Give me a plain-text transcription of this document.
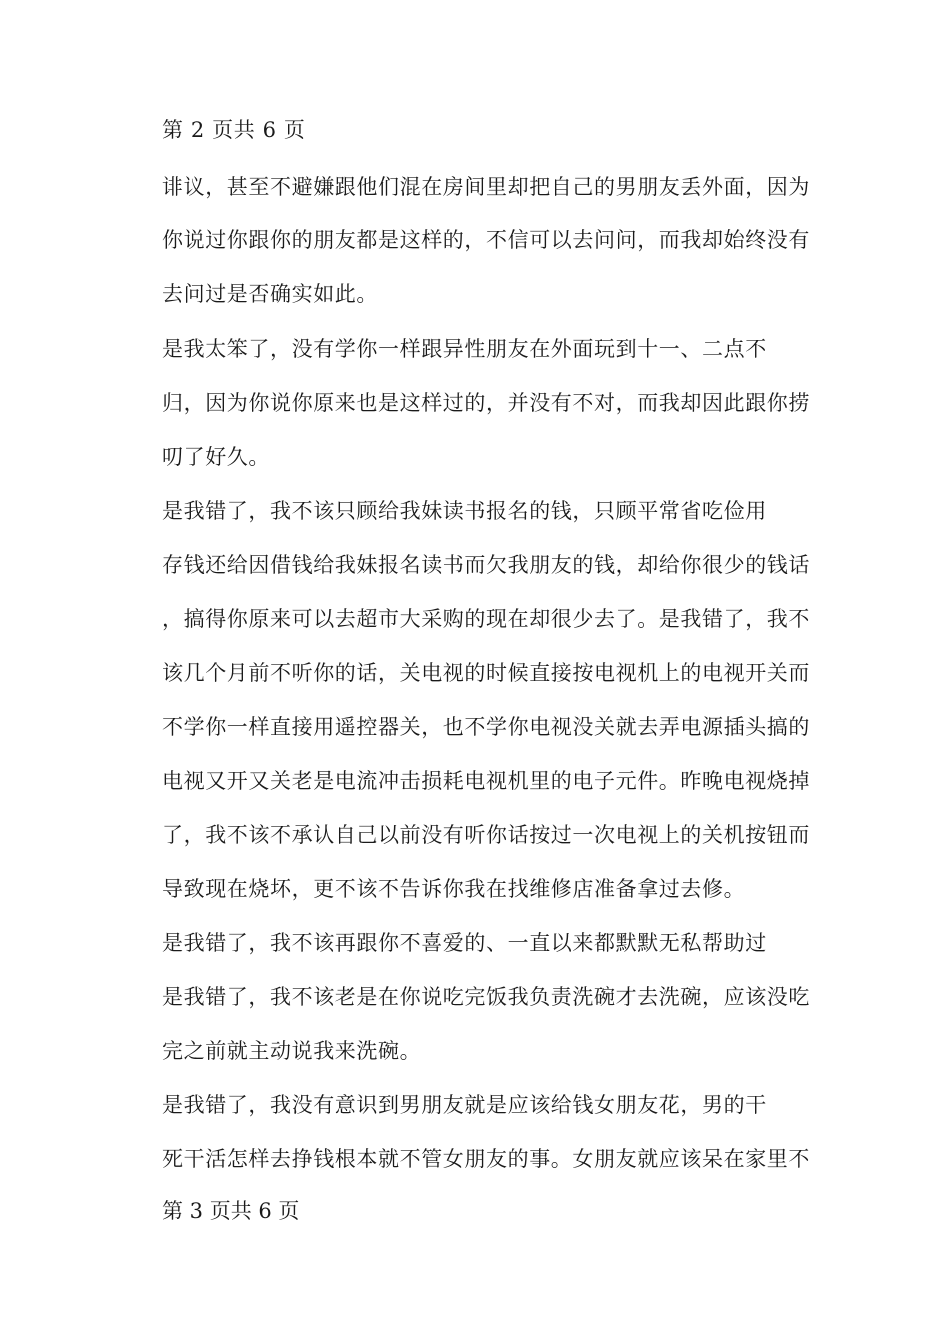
第 2 页共 6 页
诽议，甚至不避嫌跟他们混在房间里却把自己的男朋友丢外面，因为
你说过你跟你的朋友都是这样的，不信可以去问问，而我却始终没有
去问过是否确实如此。
是我太笨了，没有学你一样跟异性朋友在外面玩到十一、二点不
归，因为你说你原来也是这样过的，并没有不对，而我却因此跟你捞
叨了好久。
是我错了，我不该只顾给我妹读书报名的钱，只顾平常省吃俭用
存钱还给因借钱给我妹报名读书而欠我朋友的钱，却给你很少的钱话
，搞得你原来可以去超市大采购的现在却很少去了。是我错了，我不
该几个月前不听你的话，关电视的时候直接按电视机上的电视开关而
不学你一样直接用遥控器关，也不学你电视没关就去弄电源插头搞的
电视又开又关老是电流冲击损耗电视机里的电子元件。昨晚电视烧掉
了，我不该不承认自己以前没有听你话按过一次电视上的关机按钮而
导致现在烧坏，更不该不告诉你我在找维修店准备拿过去修。
是我错了，我不该再跟你不喜爱的、一直以来都默默无私帮助过
是我错了，我不该老是在你说吃完饭我负责洗碗才去洗碗，应该没吃
完之前就主动说我来洗碗。
是我错了，我没有意识到男朋友就是应该给钱女朋友花，男的干
死干活怎样去挣钱根本就不管女朋友的事。女朋友就应该呆在家里不
第 3 页共 6 页
